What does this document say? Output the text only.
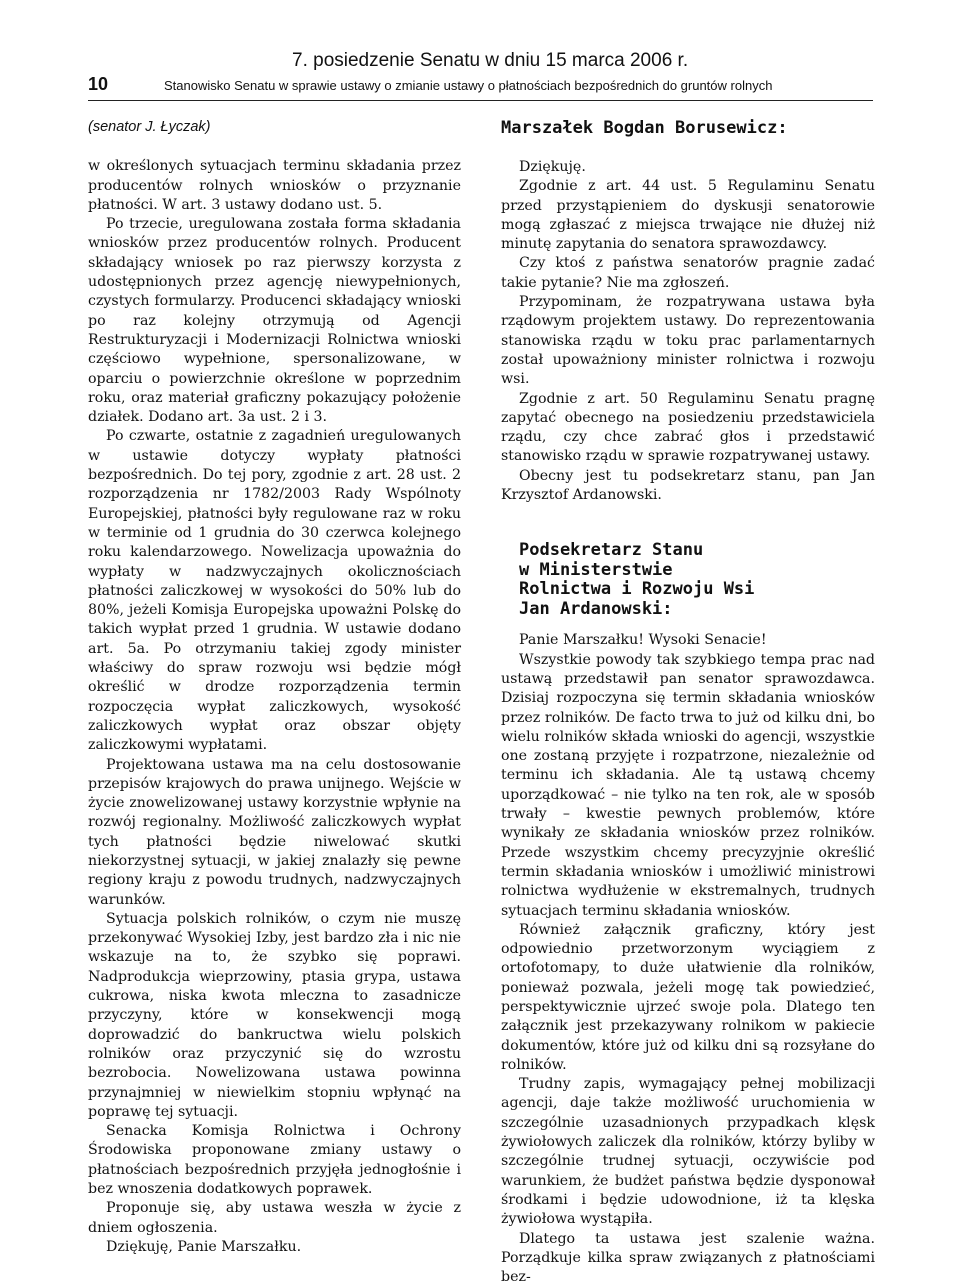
7. posiedzenie Senatu w dniu 15 marca 2006 r.
10	Stanowisko Senatu w sprawie ustawy o zmianie ustawy o płatnościach bezpośrednich do gruntów rolnych
(senator J. Łyczak)

w określonych sytuacjach terminu składania przez producentów rolnych wniosków o przyznanie płatności. W art. 3 ustawy dodano ust. 5.

Po trzecie, uregulowana została forma składania wniosków przez producentów rolnych. Producent składający wniosek po raz pierwszy korzysta z udostępnionych przez agencję niewypełnionych, czystych formularzy. Producenci składający wnioski po raz kolejny otrzymują od Agencji Restrukturyzacji i Modernizacji Rolnictwa wnioski częściowo wypełnione, spersonalizowane, w oparciu o powierzchnie określone w poprzednim roku, oraz materiał graficzny pokazujący położenie działek. Dodano art. 3a ust. 2 i 3.

Po czwarte, ostatnie z zagadnień uregulowanych w ustawie dotyczy wypłaty płatności bezpośrednich. Do tej pory, zgodnie z art. 28 ust. 2 rozporządzenia nr 1782/2003 Rady Wspólnoty Europejskiej, płatności były regulowane raz w roku w terminie od 1 grudnia do 30 czerwca kolejnego roku kalendarzowego. Nowelizacja upoważnia do wypłaty w nadzwyczajnych okolicznościach płatności zaliczkowej w wysokości do 50% lub do 80%, jeżeli Komisja Europejska upoważni Polskę do takich wypłat przed 1 grudnia. W ustawie dodano art. 5a. Po otrzymaniu takiej zgody minister właściwy do spraw rozwoju wsi będzie mógł określić w drodze rozporządzenia termin rozpoczęcia wypłat zaliczkowych, wysokość zaliczkowych wypłat oraz obszar objęty zaliczkowymi wypłatami.

Projektowana ustawa ma na celu dostosowanie przepisów krajowych do prawa unijnego. Wejście w życie znowelizowanej ustawy korzystnie wpłynie na rozwój regionalny. Możliwość zaliczkowych wypłat tych płatności będzie niwelować skutki niekorzystnej sytuacji, w jakiej znalazły się pewne regiony kraju z powodu trudnych, nadzwyczajnych warunków.

Sytuacja polskich rolników, o czym nie muszę przekonywać Wysokiej Izby, jest bardzo zła i nic nie wskazuje na to, że szybko się poprawi. Nadprodukcja wieprzowiny, ptasia grypa, ustawa cukrowa, niska kwota mleczna to zasadnicze przyczyny, które w konsekwencji mogą doprowadzić do bankructwa wielu polskich rolników oraz przyczynić się do wzrostu bezrobocia. Nowelizowana ustawa powinna przynajmniej w niewielkim stopniu wpłynąć na poprawę tej sytuacji.

Senacka Komisja Rolnictwa i Ochrony Środowiska proponowane zmiany ustawy o płatnościach bezpośrednich przyjęła jednogłośnie i bez wnoszenia dodatkowych poprawek.

Proponuje się, aby ustawa weszła w życie z dniem ogłoszenia.

Dziękuję, Panie Marszałku.

Marszałek Bogdan Borusewicz:

Dziękuję.

Zgodnie z art. 44 ust. 5 Regulaminu Senatu przed przystąpieniem do dyskusji senatorowie mogą zgłaszać z miejsca trwające nie dłużej niż minutę zapytania do senatora sprawozdawcy.

Czy ktoś z państwa senatorów pragnie zadać takie pytanie? Nie ma zgłoszeń.

Przypominam, że rozpatrywana ustawa była rządowym projektem ustawy. Do reprezentowania stanowiska rządu w toku prac parlamentarnych został upoważniony minister rolnictwa i rozwoju wsi.

Zgodnie z art. 50 Regulaminu Senatu pragnę zapytać obecnego na posiedzeniu przedstawiciela rządu, czy chce zabrać głos i przedstawić stanowisko rządu w sprawie rozpatrywanej ustawy.

Obecny jest tu podsekretarz stanu, pan Jan Krzysztof Ardanowski.

Podsekretarz Stanu
w Ministerstwie
Rolnictwa i Rozwoju Wsi
Jan Ardanowski:

Panie Marszałku! Wysoki Senacie!

Wszystkie powody tak szybkiego tempa prac nad ustawą przedstawił pan senator sprawozdawca. Dzisiaj rozpoczyna się termin składania wniosków przez rolników. De facto trwa to już od kilku dni, bo wielu rolników składa wnioski do agencji, wszystkie one zostaną przyjęte i rozpatrzone, niezależnie od terminu ich składania. Ale tą ustawą chcemy uporządkować – nie tylko na ten rok, ale w sposób trwały – kwestie pewnych problemów, które wynikały ze składania wniosków przez rolników. Przede wszystkim chcemy precyzyjnie określić termin składania wniosków i umożliwić ministrowi rolnictwa wydłużenie w ekstremalnych, trudnych sytuacjach terminu składania wniosków.

Również załącznik graficzny, który jest odpowiednio przetworzonym wyciągiem z ortofotomapy, to duże ułatwienie dla rolników, ponieważ pozwala, jeżeli mogę tak powiedzieć, perspektywicznie ujrzeć swoje pola. Dlatego ten załącznik jest przekazywany rolnikom w pakiecie dokumentów, które już od kilku dni są rozsyłane do rolników.

Trudny zapis, wymagający pełnej mobilizacji agencji, daje także możliwość uruchomienia w szczególnie uzasadnionych przypadkach klęsk żywiołowych zaliczek dla rolników, którzy byliby w szczególnie trudnej sytuacji, oczywiście pod warunkiem, że budżet państwa będzie dysponował środkami i będzie udowodnione, iż ta klęska żywiołowa wystąpiła.

Dlatego ta ustawa jest szalenie ważna. Porządkuje kilka spraw związanych z płatnościami bez-
